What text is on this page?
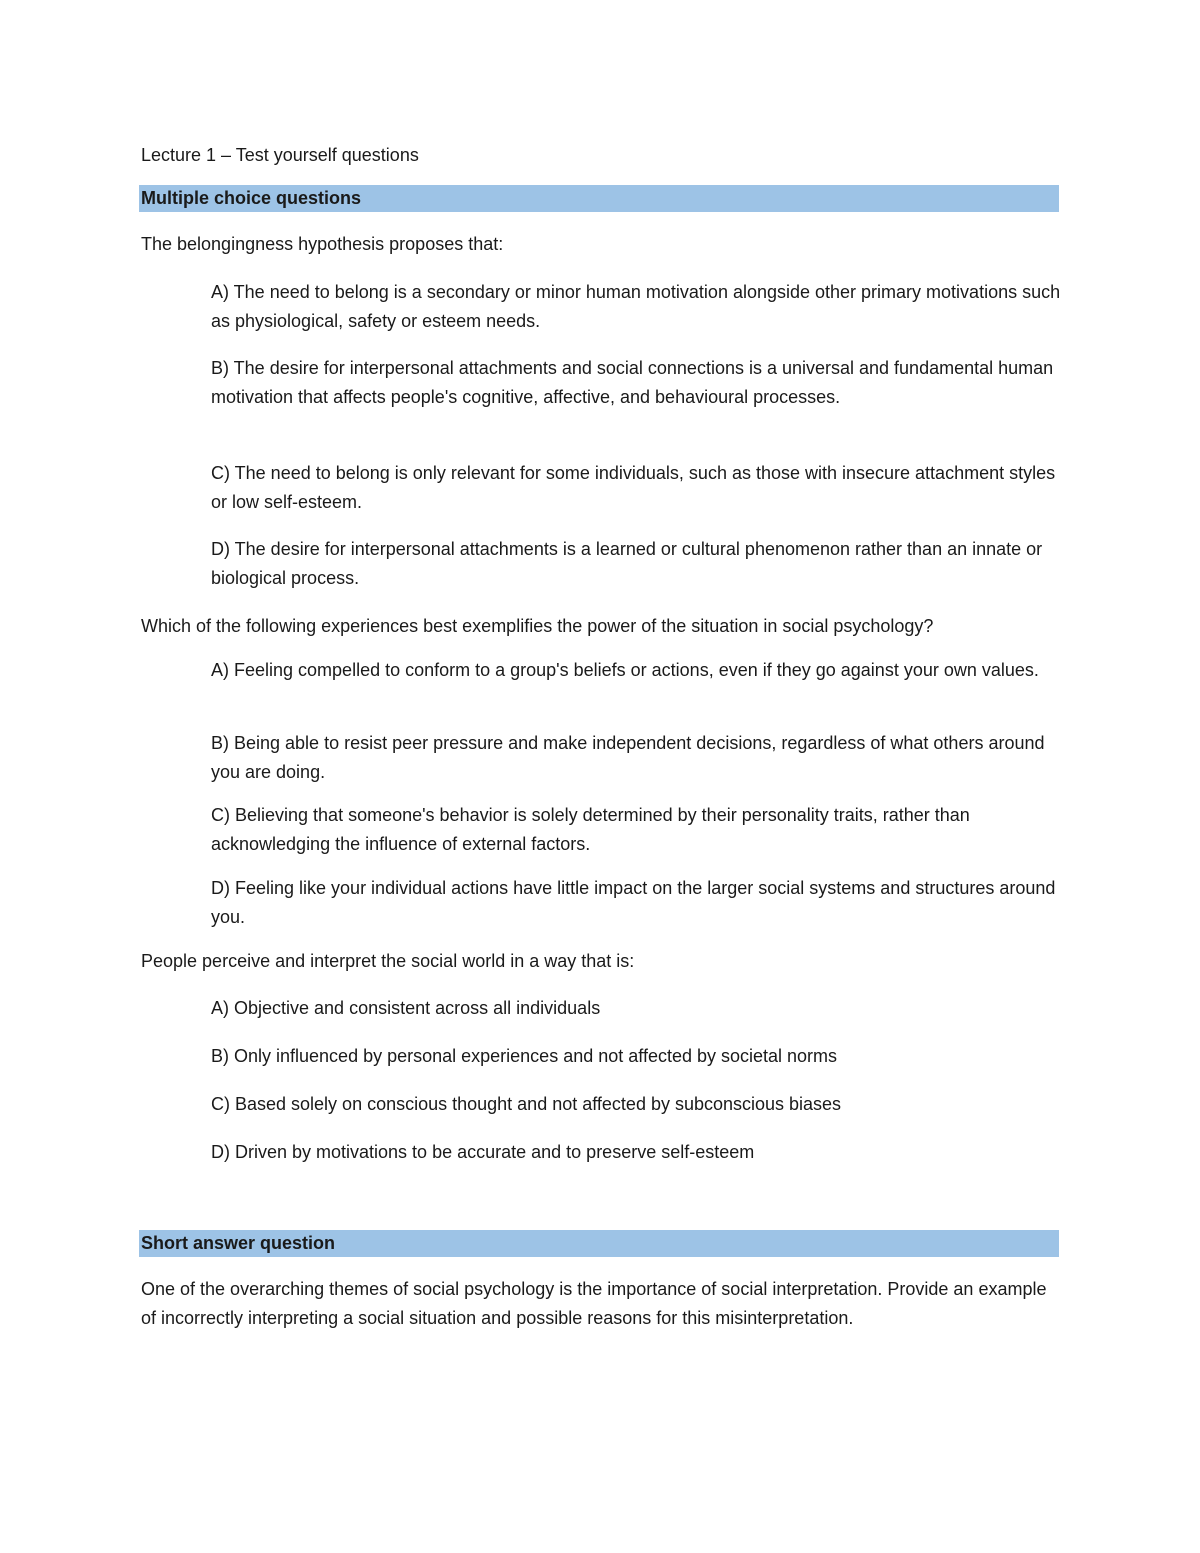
Lecture 1 – Test yourself questions
Multiple choice questions
The belongingness hypothesis proposes that:
A) The need to belong is a secondary or minor human motivation alongside other primary motivations such as physiological, safety or esteem needs.
B) The desire for interpersonal attachments and social connections is a universal and fundamental human motivation that affects people's cognitive, affective, and behavioural processes.
C) The need to belong is only relevant for some individuals, such as those with insecure attachment styles or low self-esteem.
D) The desire for interpersonal attachments is a learned or cultural phenomenon rather than an innate or biological process.
Which of the following experiences best exemplifies the power of the situation in social psychology?
A) Feeling compelled to conform to a group's beliefs or actions, even if they go against your own values.
B) Being able to resist peer pressure and make independent decisions, regardless of what others around you are doing.
C) Believing that someone's behavior is solely determined by their personality traits, rather than acknowledging the influence of external factors.
D) Feeling like your individual actions have little impact on the larger social systems and structures around you.
People perceive and interpret the social world in a way that is:
A) Objective and consistent across all individuals
B) Only influenced by personal experiences and not affected by societal norms
C) Based solely on conscious thought and not affected by subconscious biases
D) Driven by motivations to be accurate and to preserve self-esteem
Short answer question
One of the overarching themes of social psychology is the importance of social interpretation. Provide an example of incorrectly interpreting a social situation and possible reasons for this misinterpretation.
